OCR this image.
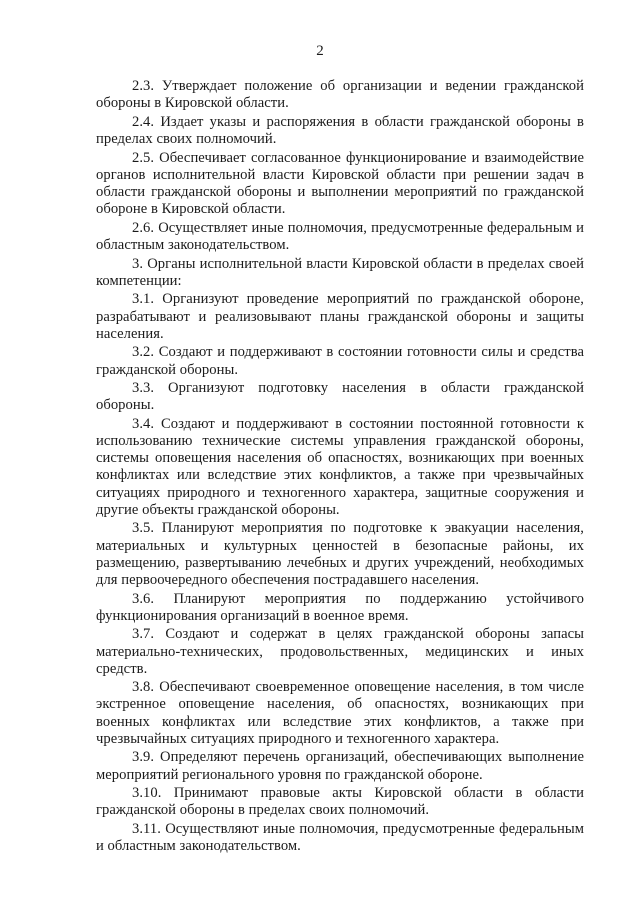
2

2.3. Утверждает положение об организации и ведении гражданской обороны в Кировской области.

2.4. Издает указы и распоряжения в области гражданской обороны в пределах своих полномочий.

2.5. Обеспечивает согласованное функционирование и взаимодействие органов исполнительной власти Кировской области при решении задач в области гражданской обороны и выполнении мероприятий по гражданской обороне в Кировской области.

2.6. Осуществляет иные полномочия, предусмотренные федеральным и областным законодательством.

3. Органы исполнительной власти Кировской области в пределах своей компетенции:

3.1. Организуют проведение мероприятий по гражданской обороне, разрабатывают и реализовывают планы гражданской обороны и защиты населения.

3.2. Создают и поддерживают в состоянии готовности силы и средства гражданской обороны.

3.3. Организуют подготовку населения в области гражданской обороны.

3.4. Создают и поддерживают в состоянии постоянной готовности к использованию технические системы управления гражданской обороны, системы оповещения населения об опасностях, возникающих при военных конфликтах или вследствие этих конфликтов, а также при чрезвычайных ситуациях природного и техногенного характера, защитные сооружения и другие объекты гражданской обороны.

3.5. Планируют мероприятия по подготовке к эвакуации населения, материальных и культурных ценностей в безопасные районы, их размещению, развертыванию лечебных и других учреждений, необходимых для первоочередного обеспечения пострадавшего населения.

3.6. Планируют мероприятия по поддержанию устойчивого функционирования организаций в военное время.

3.7. Создают и содержат в целях гражданской обороны запасы материально-технических, продовольственных, медицинских и иных средств.

3.8. Обеспечивают своевременное оповещение населения, в том числе экстренное оповещение населения, об опасностях, возникающих при военных конфликтах или вследствие этих конфликтов, а также при чрезвычайных ситуациях природного и техногенного характера.

3.9. Определяют перечень организаций, обеспечивающих выполнение мероприятий регионального уровня по гражданской обороне.

3.10. Принимают правовые акты Кировской области в области гражданской обороны в пределах своих полномочий.

3.11. Осуществляют иные полномочия, предусмотренные федеральным и областным законодательством.
